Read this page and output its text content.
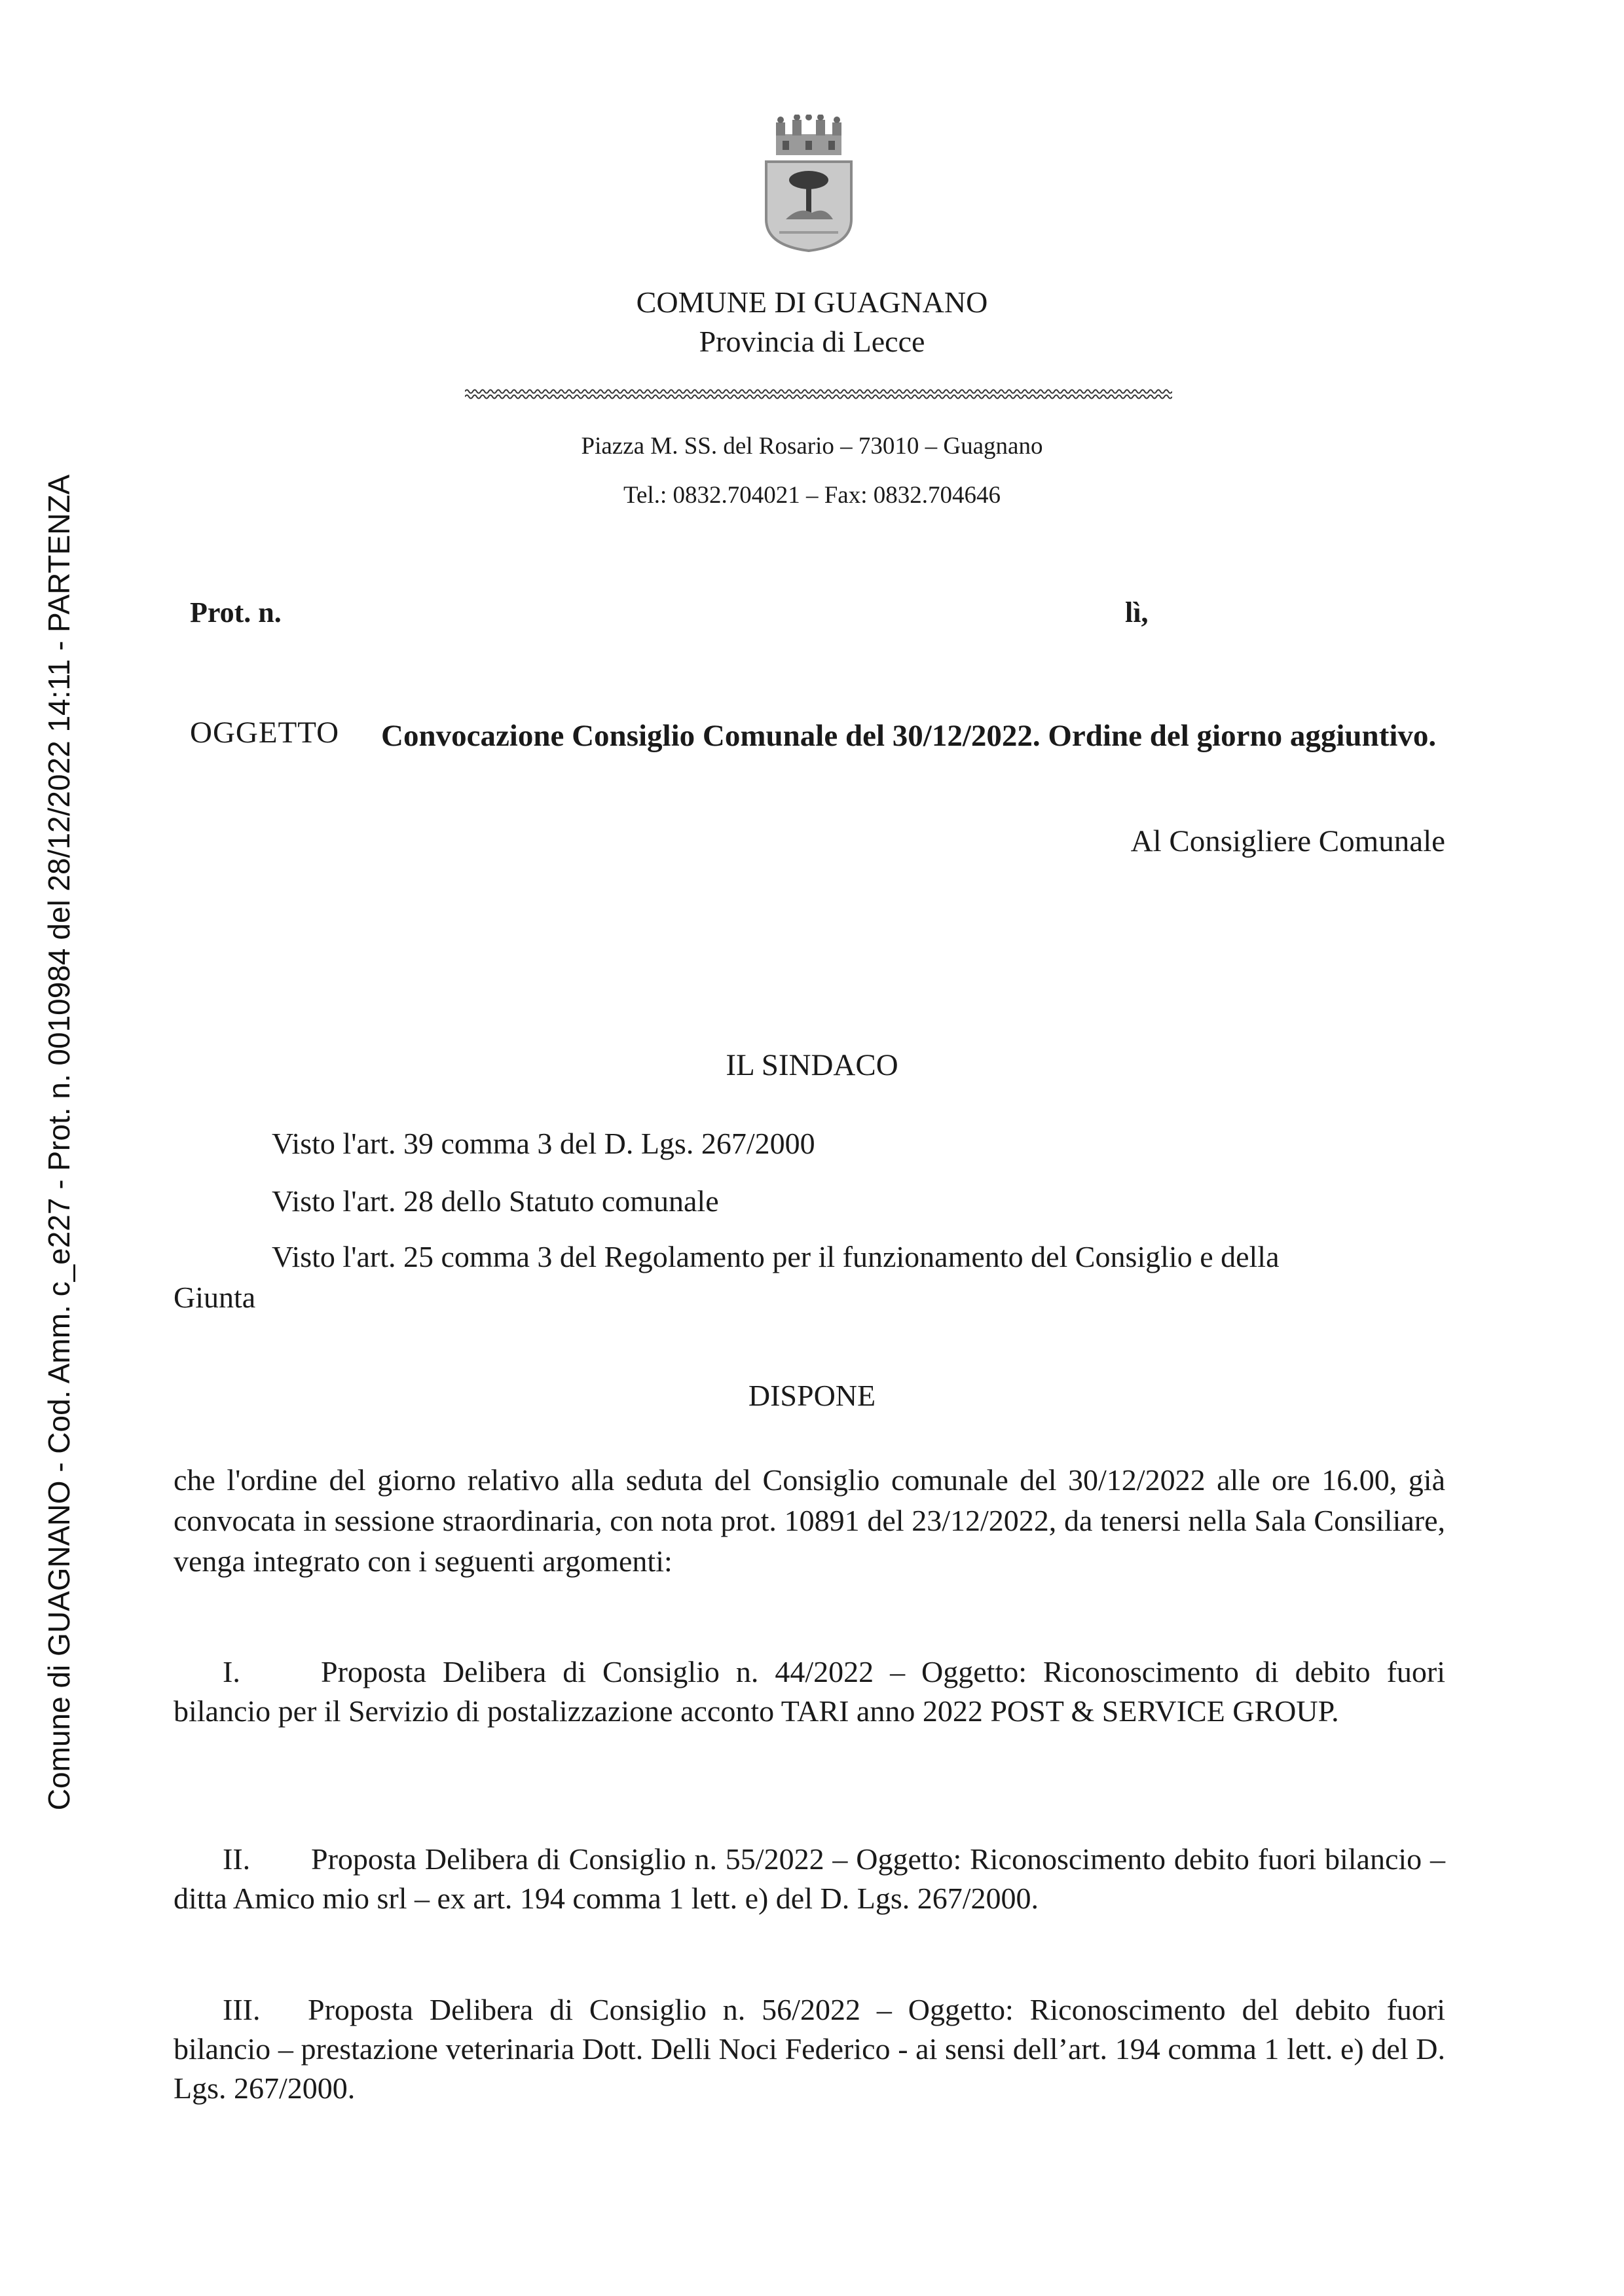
Comune di GUAGNANO - Cod. Amm. c_e227 - Prot. n. 0010984 del 28/12/2022 14:11 - PARTENZA
COMUNE DI GUAGNANO
Provincia di Lecce
Piazza M. SS. del Rosario – 73010 – Guagnano
Tel.: 0832.704021 – Fax: 0832.704646
Prot. n.	lì,
OGGETTO Convocazione Consiglio Comunale del 30/12/2022. Ordine del giorno aggiuntivo.
Al Consigliere Comunale
IL SINDACO
Visto l'art. 39 comma 3 del D. Lgs. 267/2000
Visto l'art. 28 dello Statuto comunale
Visto l'art. 25 comma 3 del Regolamento per il funzionamento del Consiglio e della
Giunta
DISPONE
che l'ordine del giorno relativo alla seduta del Consiglio comunale del 30/12/2022 alle ore 16.00, già convocata in sessione straordinaria, con nota prot. 10891 del 23/12/2022, da tenersi nella Sala Consiliare, venga integrato con i seguenti argomenti:
I.	Proposta Delibera di Consiglio n. 44/2022 – Oggetto: Riconoscimento di debito fuori bilancio per il Servizio di postalizzazione acconto TARI anno 2022 POST & SERVICE GROUP.
II. Proposta Delibera di Consiglio n. 55/2022 – Oggetto: Riconoscimento debito fuori bilancio – ditta Amico mio srl – ex art. 194 comma 1 lett. e) del D. Lgs. 267/2000.
III. Proposta Delibera di Consiglio n. 56/2022 – Oggetto: Riconoscimento del debito fuori bilancio – prestazione veterinaria Dott. Delli Noci Federico - ai sensi dell’art. 194 comma 1 lett. e) del D. Lgs. 267/2000.
